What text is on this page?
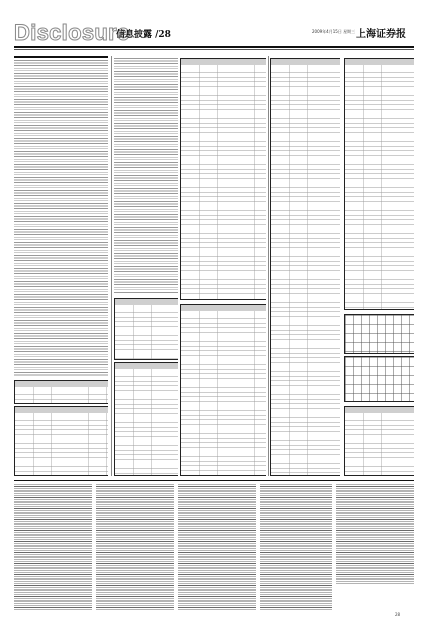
Disclosure
信息披露 /28	2009年4月15日 星期三 上海证券报
28
